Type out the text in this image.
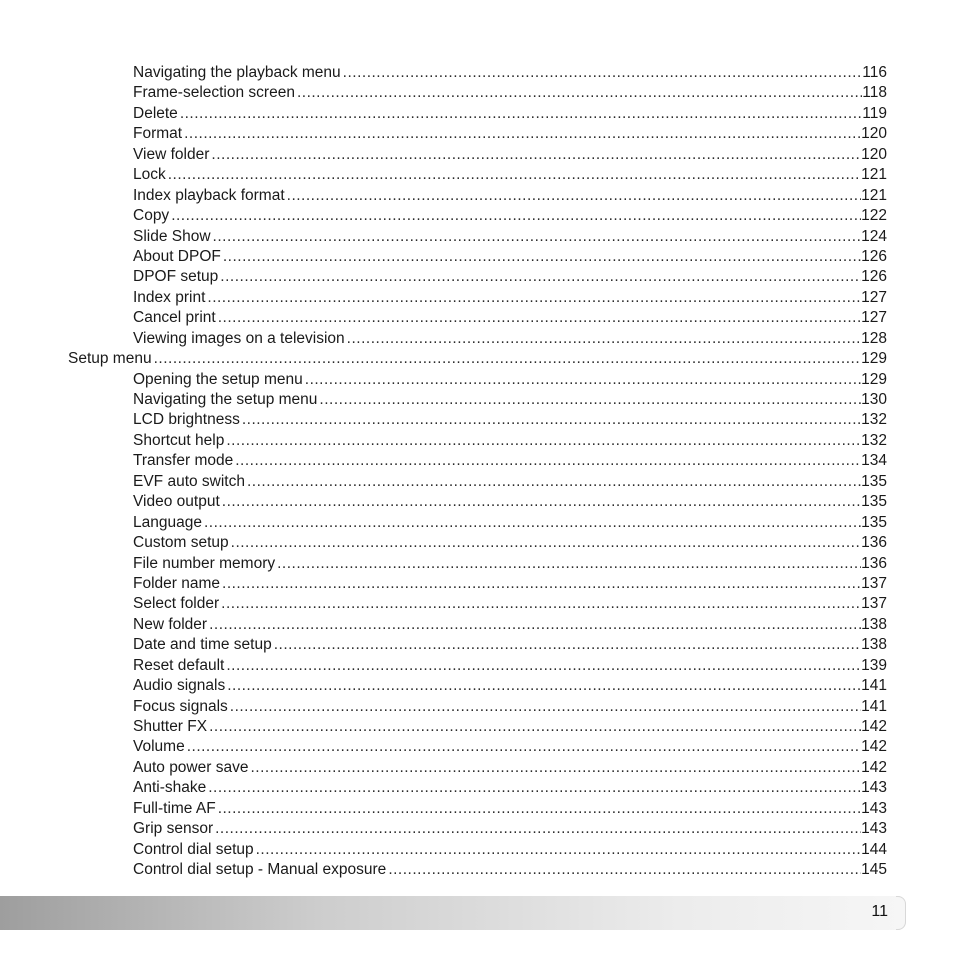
Navigating the playback menu .....	116
Frame-selection screen .....	118
Delete .....	119
Format .....	120
View folder .....	120
Lock .....	121
Index playback format .....	121
Copy .....	122
Slide Show .....	124
About DPOF .....	126
DPOF setup .....	126
Index print .....	127
Cancel print .....	127
Viewing images on a television .....	128
Setup menu .....	129
Opening the setup menu .....	129
Navigating the setup menu .....	130
LCD brightness .....	132
Shortcut help .....	132
Transfer mode .....	134
EVF auto switch .....	135
Video output .....	135
Language .....	135
Custom setup .....	136
File number memory .....	136
Folder name .....	137
Select folder .....	137
New folder .....	138
Date and time setup .....	138
Reset default .....	139
Audio signals .....	141
Focus signals .....	141
Shutter FX .....	142
Volume .....	142
Auto power save .....	142
Anti-shake .....	143
Full-time AF .....	143
Grip sensor .....	143
Control dial setup .....	144
Control dial setup - Manual exposure .....	145
11
